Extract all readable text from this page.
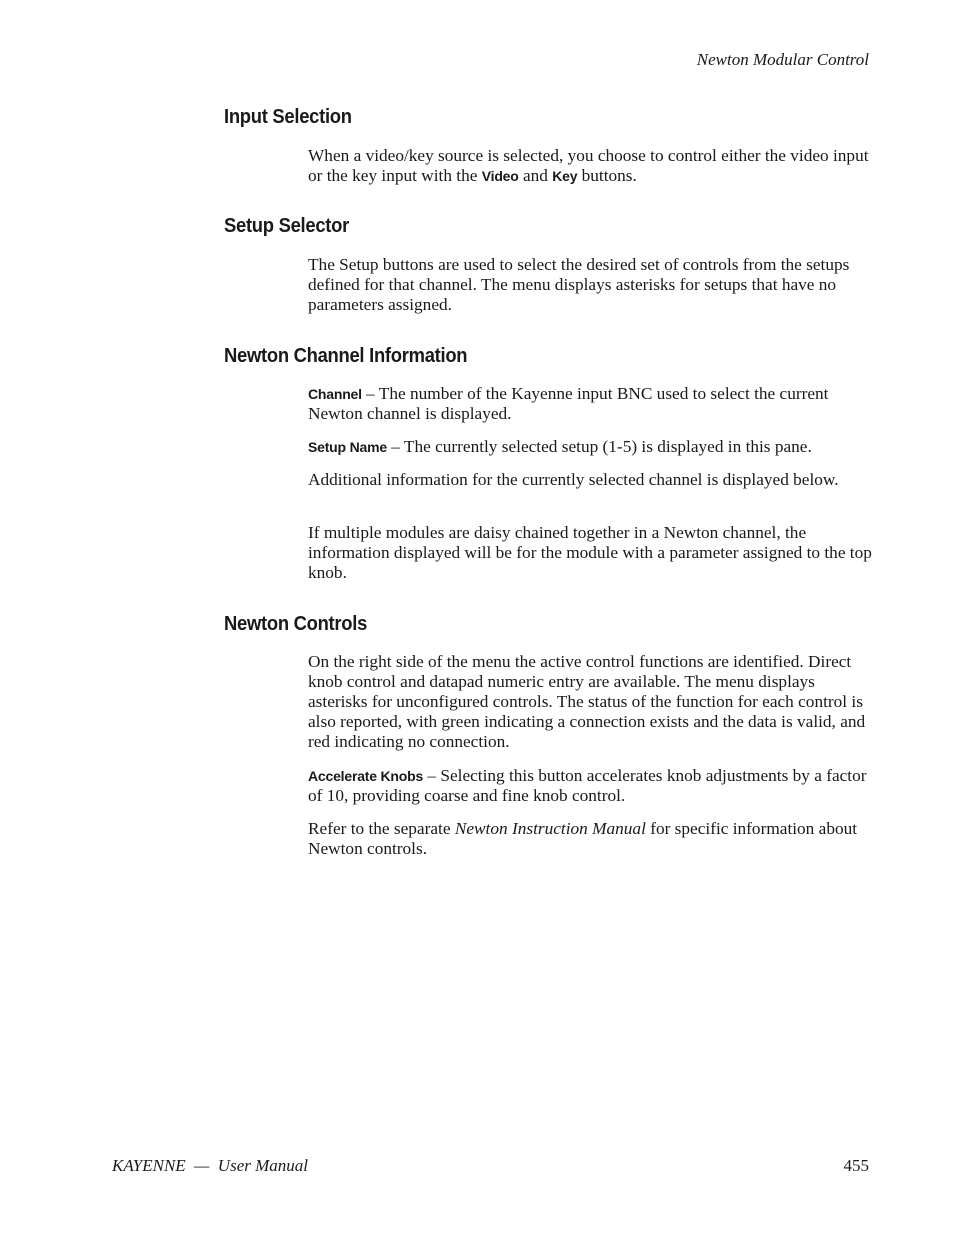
Newton Modular Control
Input Selection

When a video/key source is selected, you choose to control either the video input or the key input with the Video and Key buttons.

Setup Selector

The Setup buttons are used to select the desired set of controls from the setups defined for that channel. The menu displays asterisks for setups that have no parameters assigned.

Newton Channel Information

Channel – The number of the Kayenne input BNC used to select the current Newton channel is displayed.

Setup Name – The currently selected setup (1-5) is displayed in this pane.

Additional information for the currently selected channel is displayed below.

If multiple modules are daisy chained together in a Newton channel, the information displayed will be for the module with a parameter assigned to the top knob.

Newton Controls

On the right side of the menu the active control functions are identified. Direct knob control and datapad numeric entry are available. The menu displays asterisks for unconfigured controls. The status of the function for each control is also reported, with green indicating a connection exists and the data is valid, and red indicating no connection.

Accelerate Knobs – Selecting this button accelerates knob adjustments by a factor of 10, providing coarse and fine knob control.

Refer to the separate Newton Instruction Manual for specific information about Newton controls.

KAYENNE  —  User Manual	455
